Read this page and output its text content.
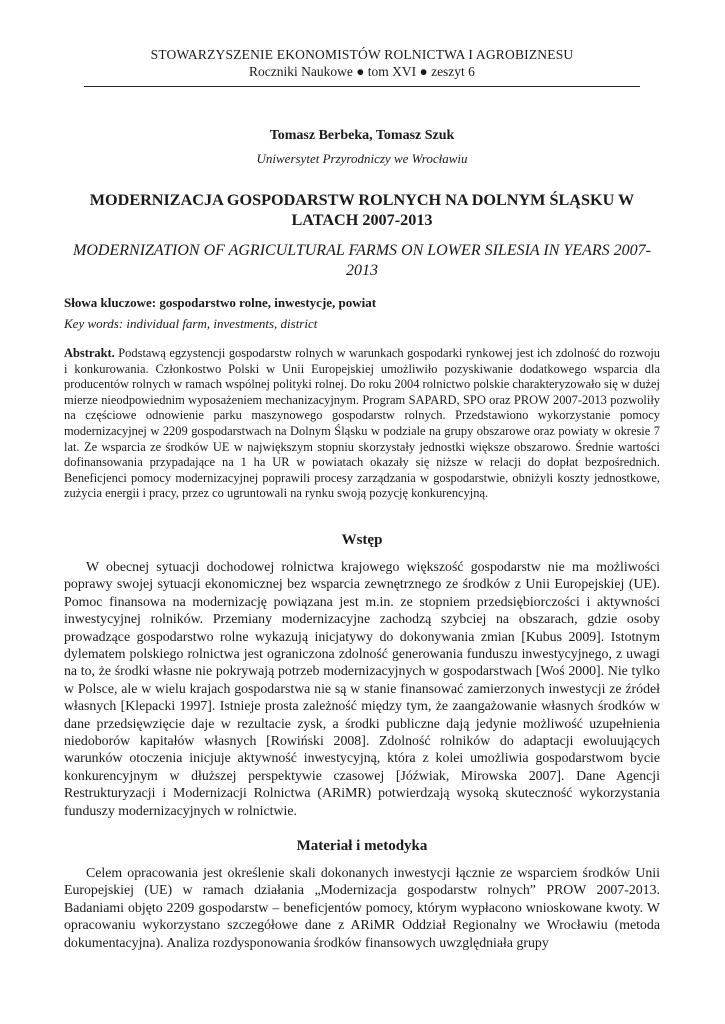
STOWARZYSZENIE EKONOMISTÓW ROLNICTWA I AGROBIZNESU
Roczniki Naukowe ● tom XVI ● zeszyt 6
Tomasz Berbeka, Tomasz Szuk
Uniwersytet Przyrodniczy we Wrocławiu
MODERNIZACJA GOSPODARSTW ROLNYCH NA DOLNYM ŚLĄSKU W LATACH 2007-2013
MODERNIZATION OF AGRICULTURAL FARMS ON LOWER SILESIA IN YEARS 2007-2013
Słowa kluczowe: gospodarstwo rolne, inwestycje, powiat
Key words: individual farm, investments, district
Abstrakt. Podstawą egzystencji gospodarstw rolnych w warunkach gospodarki rynkowej jest ich zdolność do rozwoju i konkurowania. Członkostwo Polski w Unii Europejskiej umożliwiło pozyskiwanie dodatkowego wsparcia dla producentów rolnych w ramach wspólnej polityki rolnej. Do roku 2004 rolnictwo polskie charakteryzowało się w dużej mierze nieodpowiednim wyposażeniem mechanizacyjnym. Program SAPARD, SPO oraz PROW 2007-2013 pozwoliły na częściowe odnowienie parku maszynowego gospodarstw rolnych. Przedstawiono wykorzystanie pomocy modernizacyjnej w 2209 gospodarstwach na Dolnym Śląsku w podziale na grupy obszarowe oraz powiaty w okresie 7 lat. Ze wsparcia ze środków UE w największym stopniu skorzystały jednostki większe obszarowo. Średnie wartości dofinansowania przypadające na 1 ha UR w powiatach okazały się niższe w relacji do dopłat bezpośrednich. Beneficjenci pomocy modernizacyjnej poprawili procesy zarządzania w gospodarstwie, obniżyli koszty jednostkowe, zużycia energii i pracy, przez co ugruntowali na rynku swoją pozycję konkurencyjną.
Wstęp
W obecnej sytuacji dochodowej rolnictwa krajowego większość gospodarstw nie ma możliwości poprawy swojej sytuacji ekonomicznej bez wsparcia zewnętrznego ze środków z Unii Europejskiej (UE). Pomoc finansowa na modernizację powiązana jest m.in. ze stopniem przedsiębiorczości i aktywności inwestycyjnej rolników. Przemiany modernizacyjne zachodzą szybciej na obszarach, gdzie osoby prowadzące gospodarstwo rolne wykazują inicjatywy do dokonywania zmian [Kubus 2009]. Istotnym dylematem polskiego rolnictwa jest ograniczona zdolność generowania funduszu inwestycyjnego, z uwagi na to, że środki własne nie pokrywają potrzeb modernizacyjnych w gospodarstwach [Woś 2000]. Nie tylko w Polsce, ale w wielu krajach gospodarstwa nie są w stanie finansować zamierzonych inwestycji ze źródeł własnych [Klepacki 1997]. Istnieje prosta zależność między tym, że zaangażowanie własnych środków w dane przedsięwzięcie daje w rezultacie zysk, a środki publiczne dają jedynie możliwość uzupełnienia niedoborów kapitałów własnych [Rowiński 2008]. Zdolność rolników do adaptacji ewoluujących warunków otoczenia inicjuje aktywność inwestycyjną, która z kolei umożliwia gospodarstwom bycie konkurencyjnym w dłuższej perspektywie czasowej [Jóźwiak, Mirowska 2007]. Dane Agencji Restrukturyzacji i Modernizacji Rolnictwa (ARiMR) potwierdzają wysoką skuteczność wykorzystania funduszy modernizacyjnych w rolnictwie.
Materiał i metodyka
Celem opracowania jest określenie skali dokonanych inwestycji łącznie ze wsparciem środków Unii Europejskiej (UE) w ramach działania „Modernizacja gospodarstw rolnych” PROW 2007-2013. Badaniami objęto 2209 gospodarstw – beneficjentów pomocy, którym wypłacono wnioskowane kwoty. W opracowaniu wykorzystano szczegółowe dane z ARiMR Oddział Regionalny we Wrocławiu (metoda dokumentacyjna). Analiza rozdysponowania środków finansowych uwzględniała grupy
